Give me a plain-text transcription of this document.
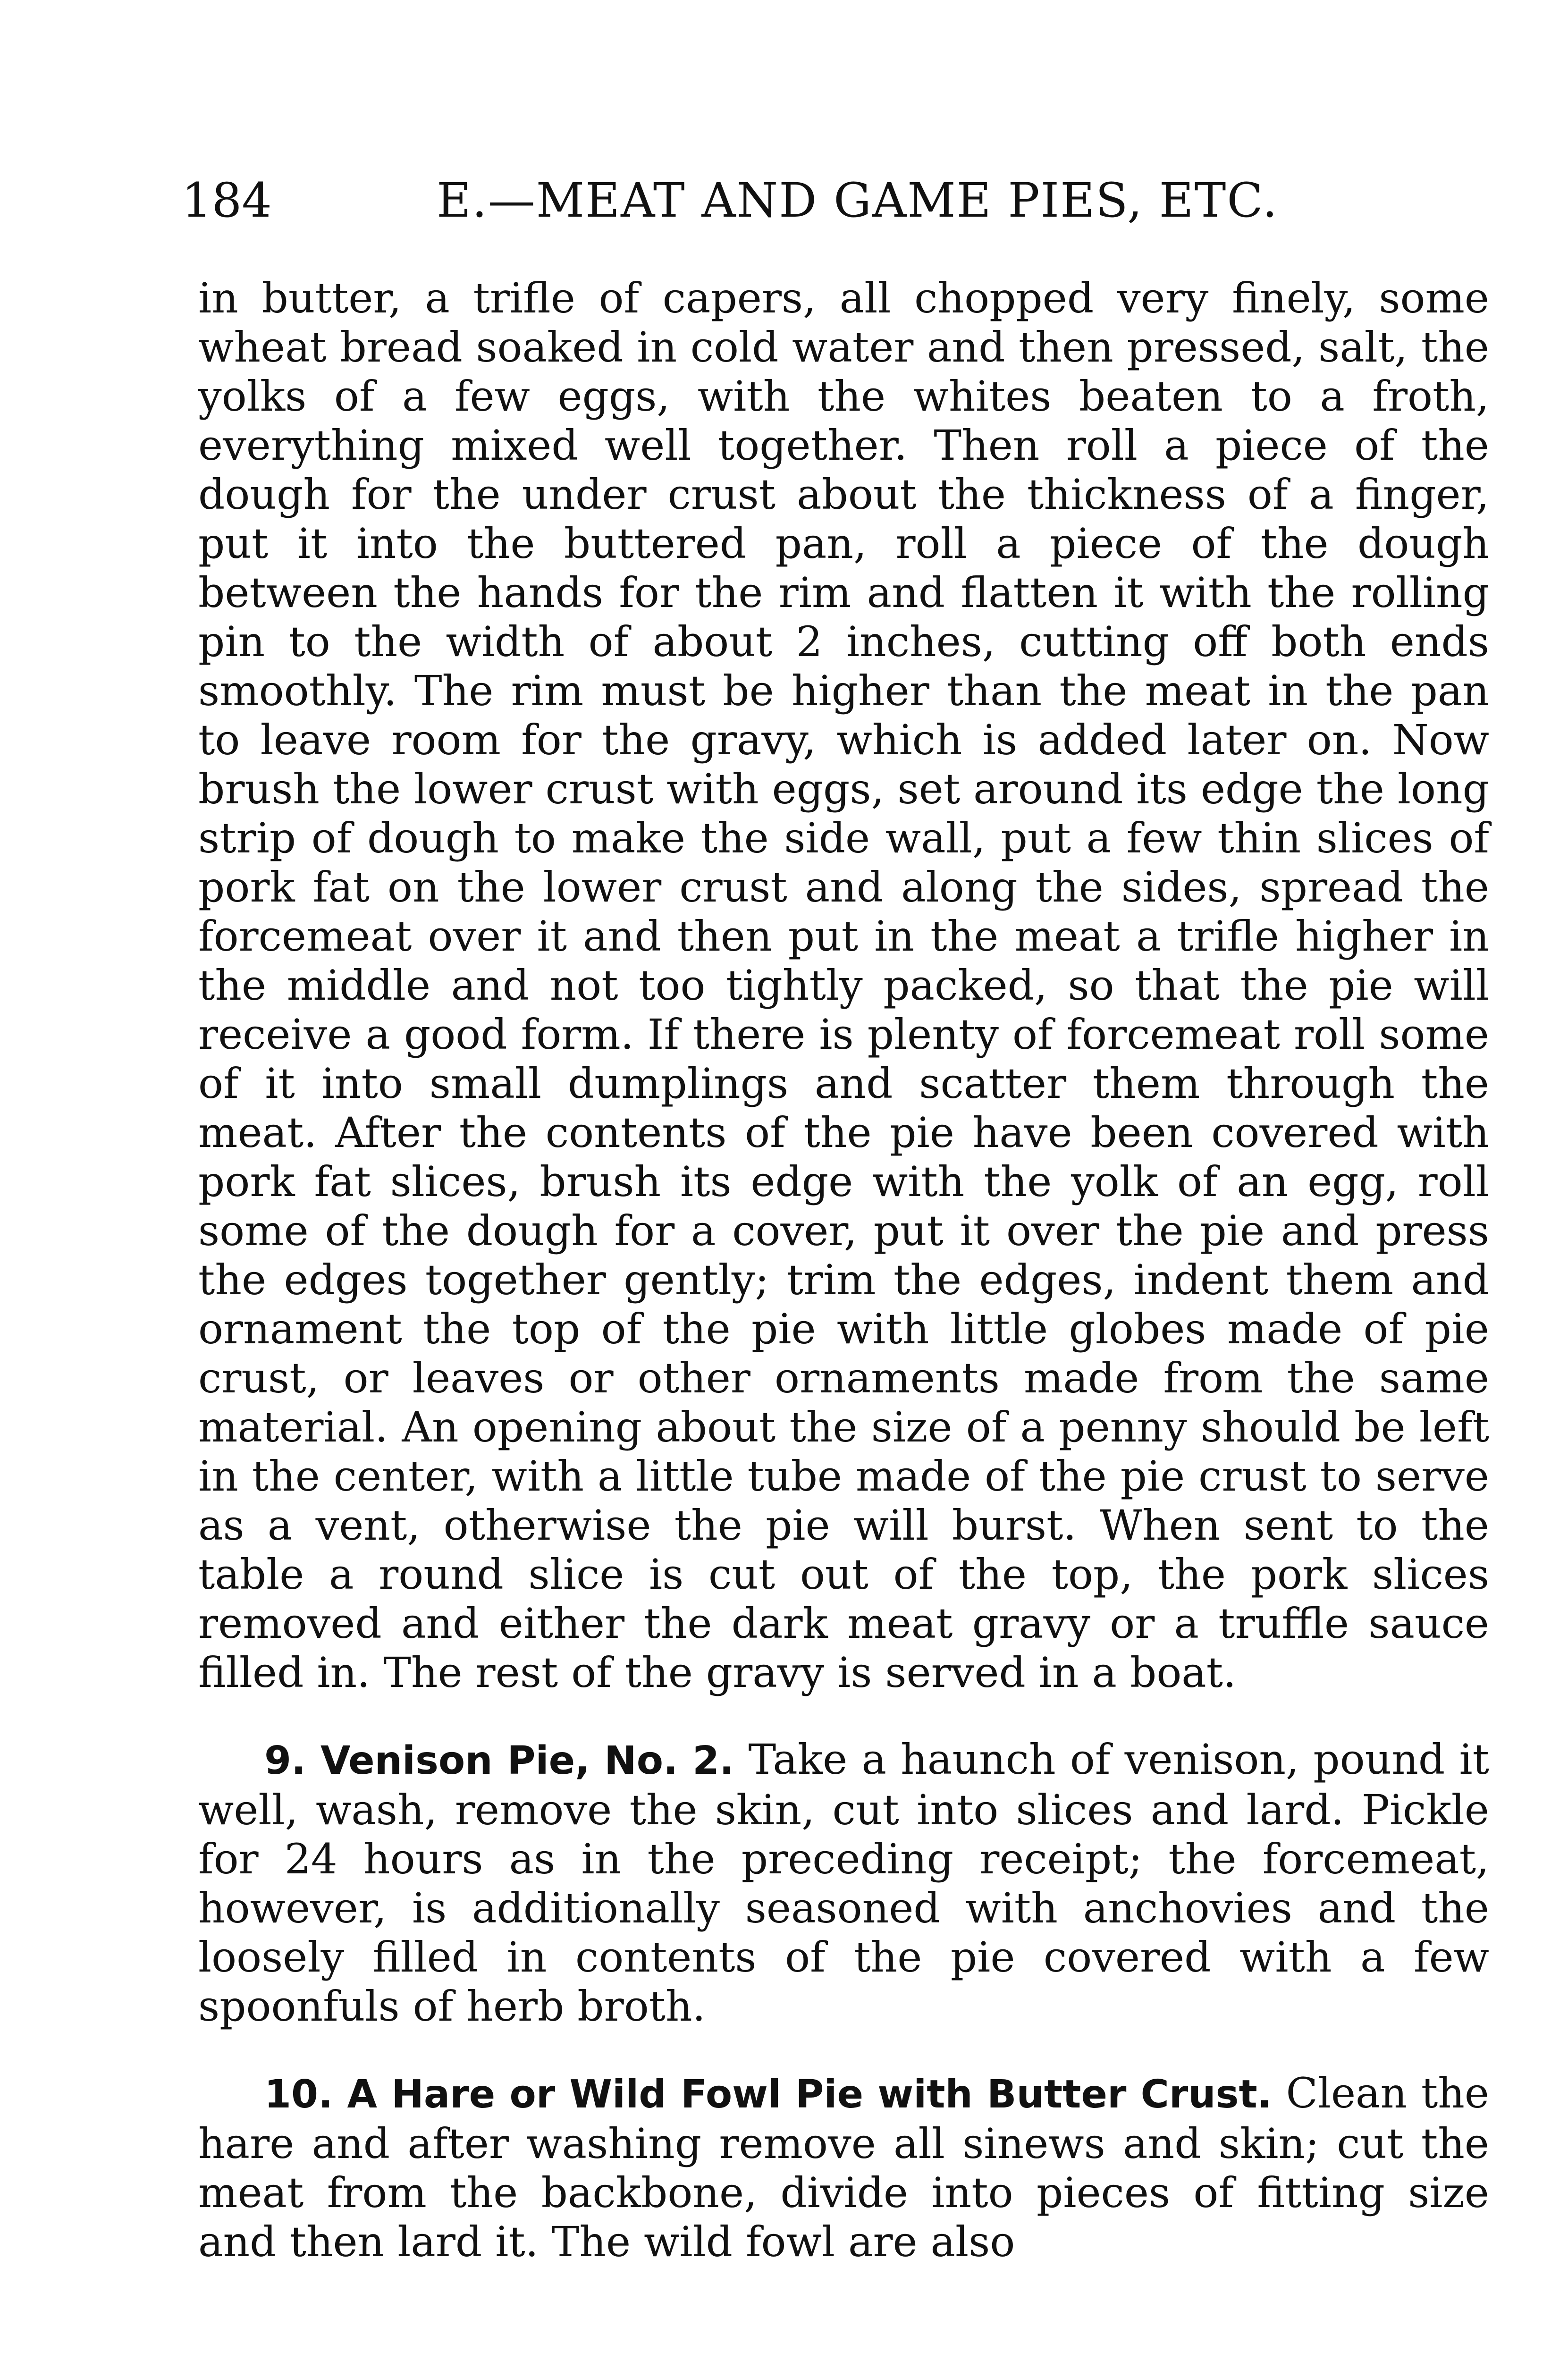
184	E.—MEAT AND GAME PIES, ETC.

in butter, a trifle of capers, all chopped very finely, some wheat bread soaked in cold water and then pressed, salt, the yolks of a few eggs, with the whites beaten to a froth, everything mixed well together. Then roll a piece of the dough for the under crust about the thickness of a finger, put it into the buttered pan, roll a piece of the dough between the hands for the rim and flatten it with the rolling pin to the width of about 2 inches, cutting off both ends smoothly. The rim must be higher than the meat in the pan to leave room for the gravy, which is added later on. Now brush the lower crust with eggs, set around its edge the long strip of dough to make the side wall, put a few thin slices of pork fat on the lower crust and along the sides, spread the forcemeat over it and then put in the meat a trifle higher in the middle and not too tightly packed, so that the pie will receive a good form. If there is plenty of forcemeat roll some of it into small dumplings and scatter them through the meat. After the contents of the pie have been covered with pork fat slices, brush its edge with the yolk of an egg, roll some of the dough for a cover, put it over the pie and press the edges together gently; trim the edges, indent them and ornament the top of the pie with little globes made of pie crust, or leaves or other ornaments made from the same material. An opening about the size of a penny should be left in the center, with a little tube made of the pie crust to serve as a vent, otherwise the pie will burst. When sent to the table a round slice is cut out of the top, the pork slices removed and either the dark meat gravy or a truffle sauce filled in. The rest of the gravy is served in a boat.

9. Venison Pie, No. 2. Take a haunch of venison, pound it well, wash, remove the skin, cut into slices and lard. Pickle for 24 hours as in the preceding receipt; the forcemeat, however, is additionally seasoned with anchovies and the loosely filled in contents of the pie covered with a few spoonfuls of herb broth.

10. A Hare or Wild Fowl Pie with Butter Crust. Clean the hare and after washing remove all sinews and skin; cut the meat from the backbone, divide into pieces of fitting size and then lard it. The wild fowl are also
